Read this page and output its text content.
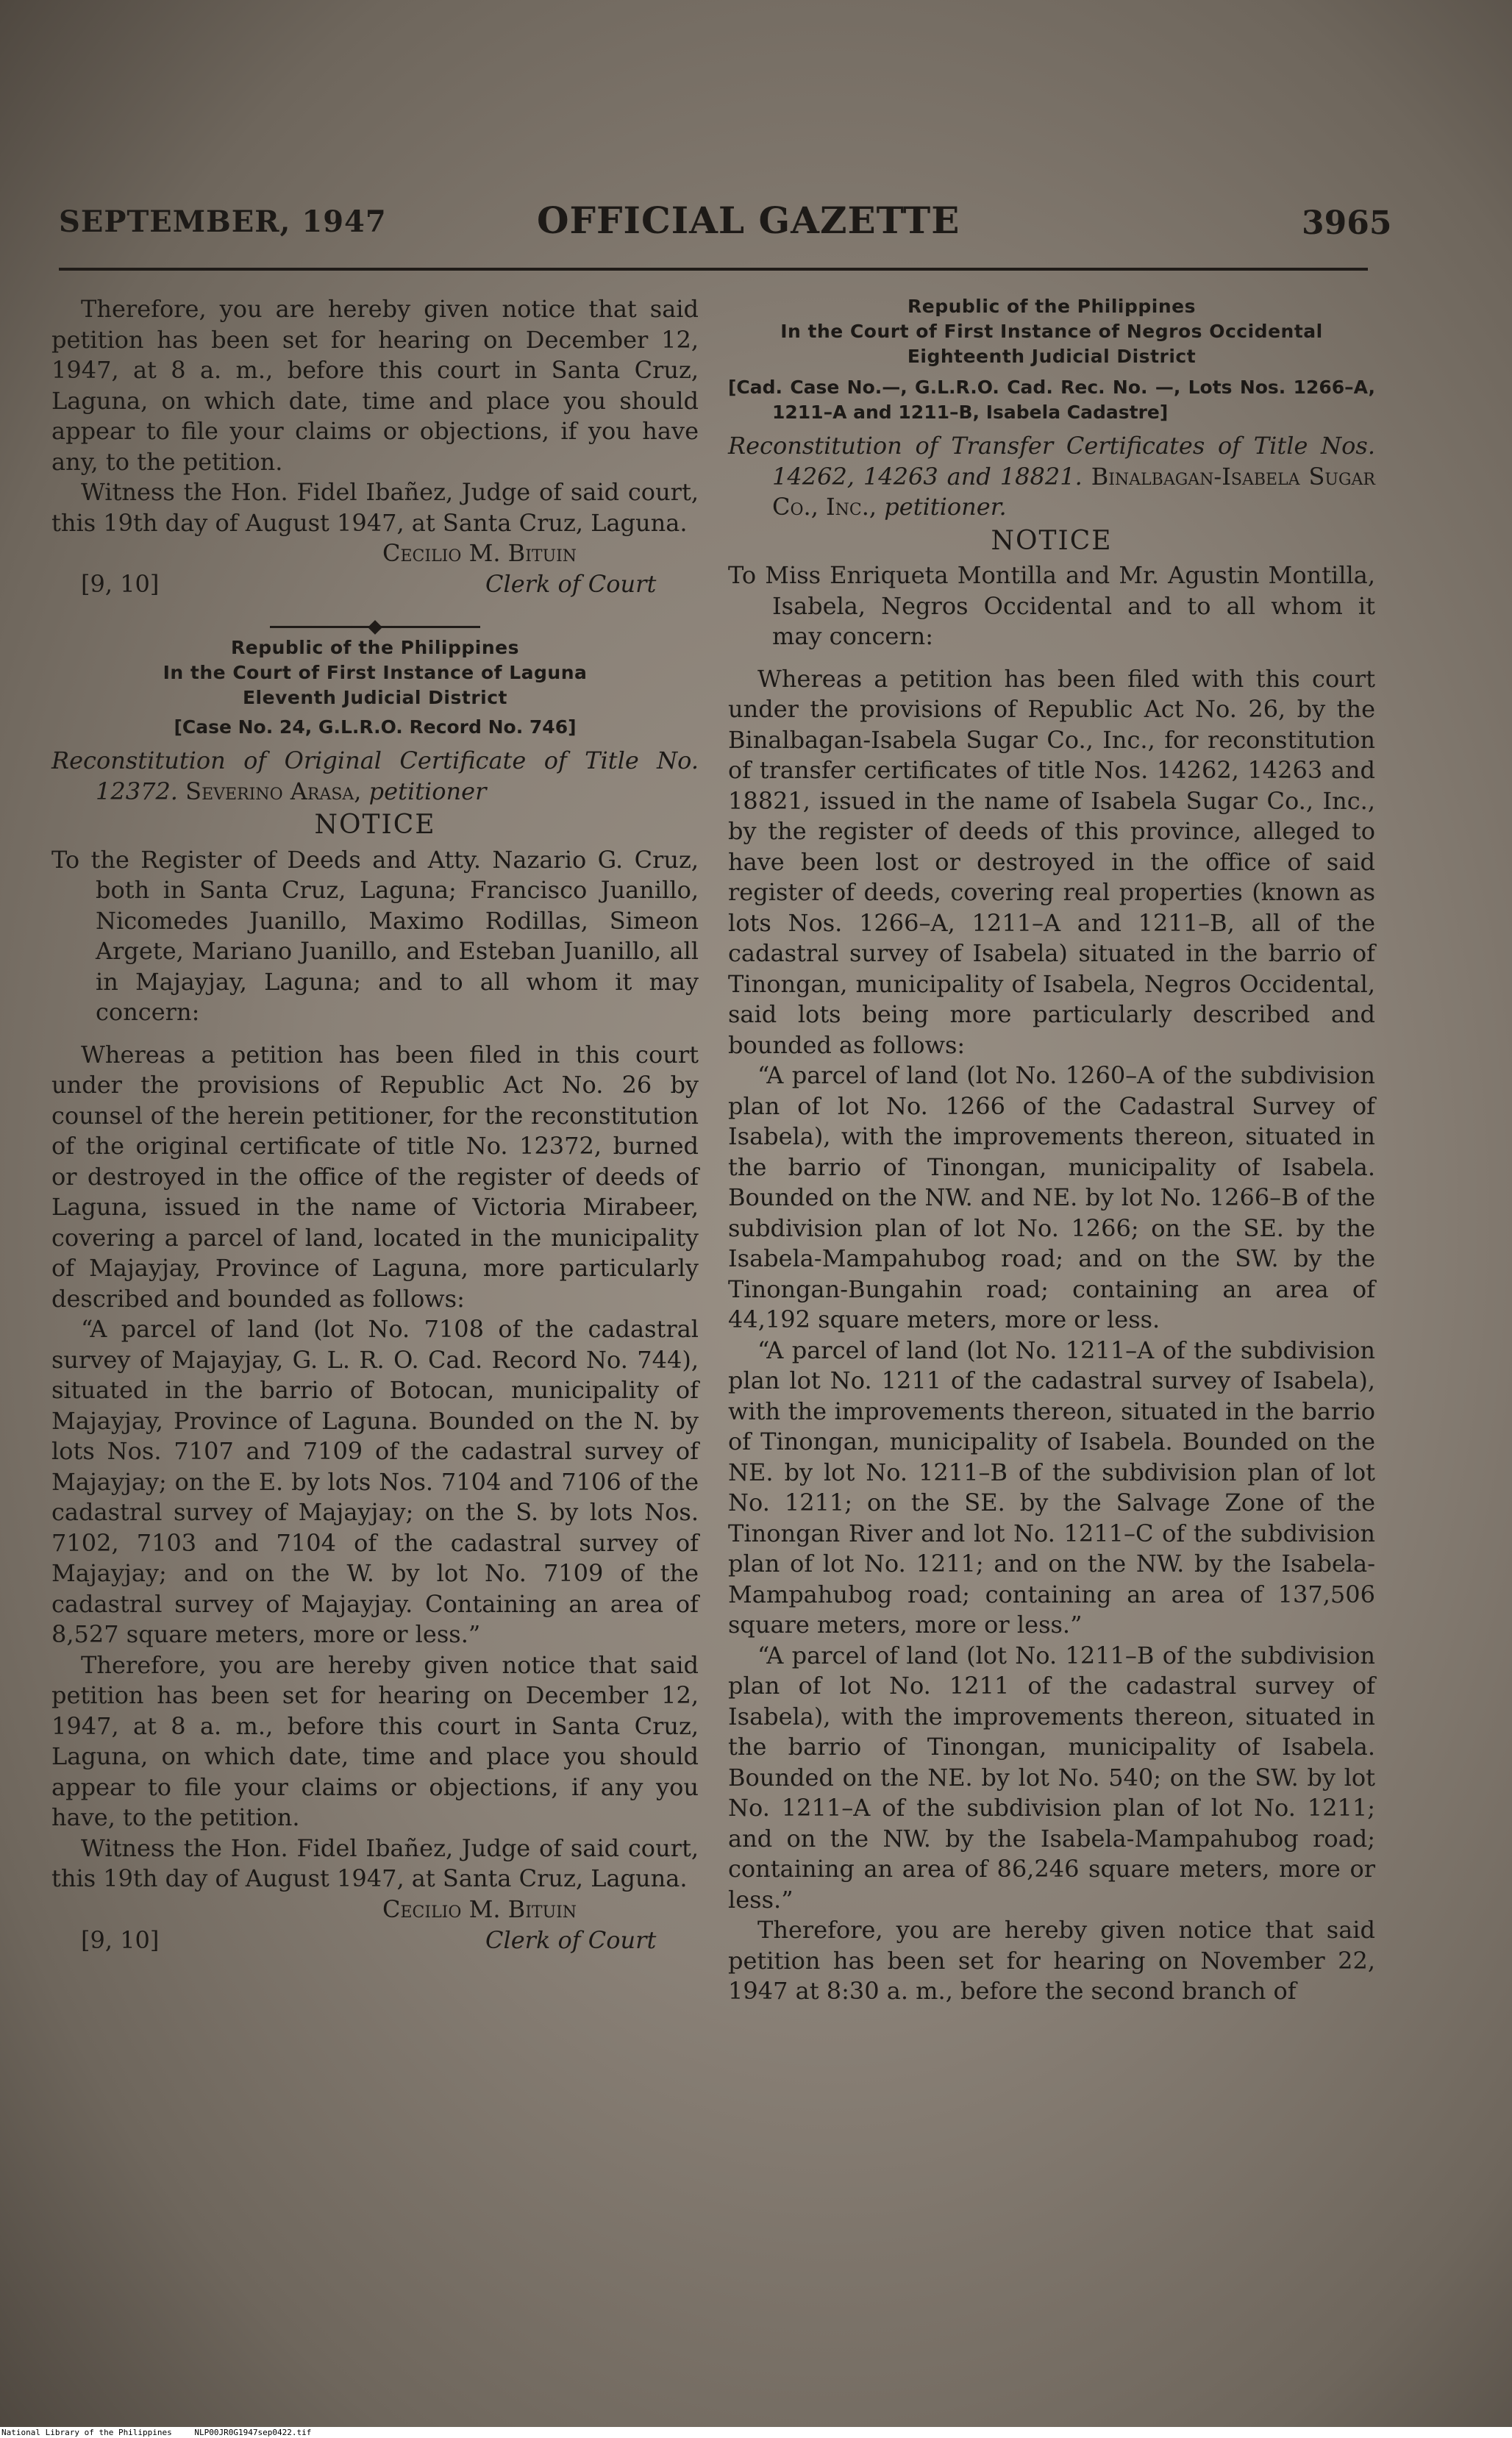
SEPTEMBER, 1947	OFFICIAL GAZETTE	3965

Therefore, you are hereby given notice that said petition has been set for hearing on December 12, 1947, at 8 a. m., before this court in Santa Cruz, Laguna, on which date, time and place you should appear to file your claims or objections, if you have any, to the petition.

Witness the Hon. Fidel Ibañez, Judge of said court, this 19th day of August 1947, at Santa Cruz, Laguna.

Cecilio M. Bituin
[9, 10]	Clerk of Court
Republic of the Philippines
In the Court of First Instance of Laguna
Eleventh Judicial District
[Case No. 24, G.L.R.O. Record No. 746]

Reconstitution of Original Certificate of Title No. 12372. Severino Arasa, petitioner

NOTICE

To the Register of Deeds and Atty. Nazario G. Cruz, both in Santa Cruz, Laguna; Francisco Juanillo, Nicomedes Juanillo, Maximo Rodillas, Simeon Argete, Mariano Juanillo, and Esteban Juanillo, all in Majayjay, Laguna; and to all whom it may concern:

Whereas a petition has been filed in this court under the provisions of Republic Act No. 26 by counsel of the herein petitioner, for the reconstitution of the original certificate of title No. 12372, burned or destroyed in the office of the register of deeds of Laguna, issued in the name of Victoria Mirabeer, covering a parcel of land, located in the municipality of Majayjay, Province of Laguna, more particularly described and bounded as follows:

“A parcel of land (lot No. 7108 of the cadastral survey of Majayjay, G. L. R. O. Cad. Record No. 744), situated in the barrio of Botocan, municipality of Majayjay, Province of Laguna. Bounded on the N. by lots Nos. 7107 and 7109 of the cadastral survey of Majayjay; on the E. by lots Nos. 7104 and 7106 of the cadastral survey of Majayjay; on the S. by lots Nos. 7102, 7103 and 7104 of the cadastral survey of Majayjay; and on the W. by lot No. 7109 of the cadastral survey of Majayjay. Containing an area of 8,527 square meters, more or less.”

Therefore, you are hereby given notice that said petition has been set for hearing on December 12, 1947, at 8 a. m., before this court in Santa Cruz, Laguna, on which date, time and place you should appear to file your claims or objections, if any you have, to the petition.

Witness the Hon. Fidel Ibañez, Judge of said court, this 19th day of August 1947, at Santa Cruz, Laguna.

Cecilio M. Bituin
[9, 10]	Clerk of Court
Republic of the Philippines
In the Court of First Instance of Negros Occidental
Eighteenth Judicial District

[Cad. Case No.—, G.L.R.O. Cad. Rec. No. —, Lots Nos. 1266–A, 1211–A and 1211–B, Isabela Cadastre]

Reconstitution of Transfer Certificates of Title Nos. 14262, 14263 and 18821. Binalbagan-Isabela Sugar Co., Inc., petitioner.

NOTICE

To Miss Enriqueta Montilla and Mr. Agustin Montilla, Isabela, Negros Occidental and to all whom it may concern:

Whereas a petition has been filed with this court under the provisions of Republic Act No. 26, by the Binalbagan-Isabela Sugar Co., Inc., for reconstitution of transfer certificates of title Nos. 14262, 14263 and 18821, issued in the name of Isabela Sugar Co., Inc., by the register of deeds of this province, alleged to have been lost or destroyed in the office of said register of deeds, covering real properties (known as lots Nos. 1266–A, 1211–A and 1211–B, all of the cadastral survey of Isabela) situated in the barrio of Tinongan, municipality of Isabela, Negros Occidental, said lots being more particularly described and bounded as follows:

“A parcel of land (lot No. 1260–A of the subdivision plan of lot No. 1266 of the Cadastral Survey of Isabela), with the improvements thereon, situated in the barrio of Tinongan, municipality of Isabela. Bounded on the NW. and NE. by lot No. 1266–B of the subdivision plan of lot No. 1266; on the SE. by the Isabela-Mampahubog road; and on the SW. by the Tinongan-Bungahin road; containing an area of 44,192 square meters, more or less.

“A parcel of land (lot No. 1211–A of the subdivision plan lot No. 1211 of the cadastral survey of Isabela), with the improvements thereon, situated in the barrio of Tinongan, municipality of Isabela. Bounded on the NE. by lot No. 1211–B of the subdivision plan of lot No. 1211; on the SE. by the Salvage Zone of the Tinongan River and lot No. 1211–C of the subdivision plan of lot No. 1211; and on the NW. by the Isabela-Mampahubog road; containing an area of 137,506 square meters, more or less.”

“A parcel of land (lot No. 1211–B of the subdivision plan of lot No. 1211 of the cadastral survey of Isabela), with the improvements thereon, situated in the barrio of Tinongan, municipality of Isabela. Bounded on the NE. by lot No. 540; on the SW. by lot No. 1211–A of the subdivision plan of lot No. 1211; and on the NW. by the Isabela-Mampahubog road; containing an area of 86,246 square meters, more or less.”

Therefore, you are hereby given notice that said petition has been set for hearing on November 22, 1947 at 8:30 a. m., before the second branch of

National Library of the Philippines	NLP00JR0G1947sep0422.tif
